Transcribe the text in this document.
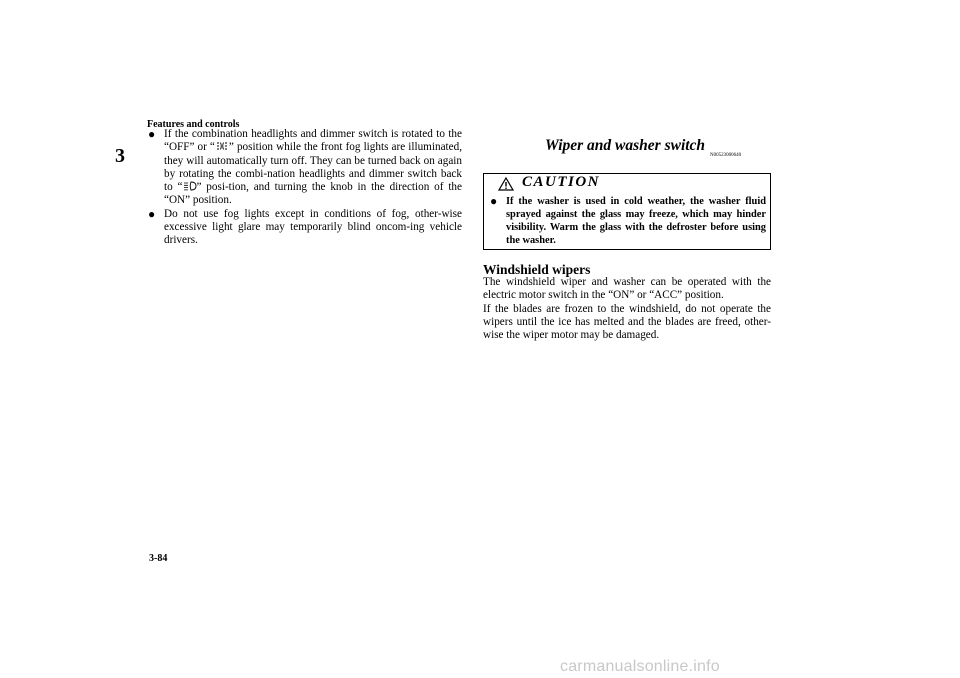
Features and controls
3
● If the combination headlights and dimmer switch is rotated to the “OFF” or “ ” position while the front fog lights are illuminated, they will automatically turn off. They can be turned back on again by rotating the combi-nation headlights and dimmer switch back to “ ” posi-tion, and turning the knob in the direction of the “ON” position.
● Do not use fog lights except in conditions of fog, other-wise excessive light glare may temporarily blind oncom-ing vehicle drivers.
Wiper and washer switch
N00523000640
CAUTION
● If the washer is used in cold weather, the washer fluid sprayed against the glass may freeze, which may hinder visibility. Warm the glass with the defroster before using the washer.
Windshield wipers

The windshield wiper and washer can be operated with the electric motor switch in the “ON” or “ACC” position.

If the blades are frozen to the windshield, do not operate the wipers until the ice has melted and the blades are freed, other-wise the wiper motor may be damaged.

3-84
carmanualsonline.info
